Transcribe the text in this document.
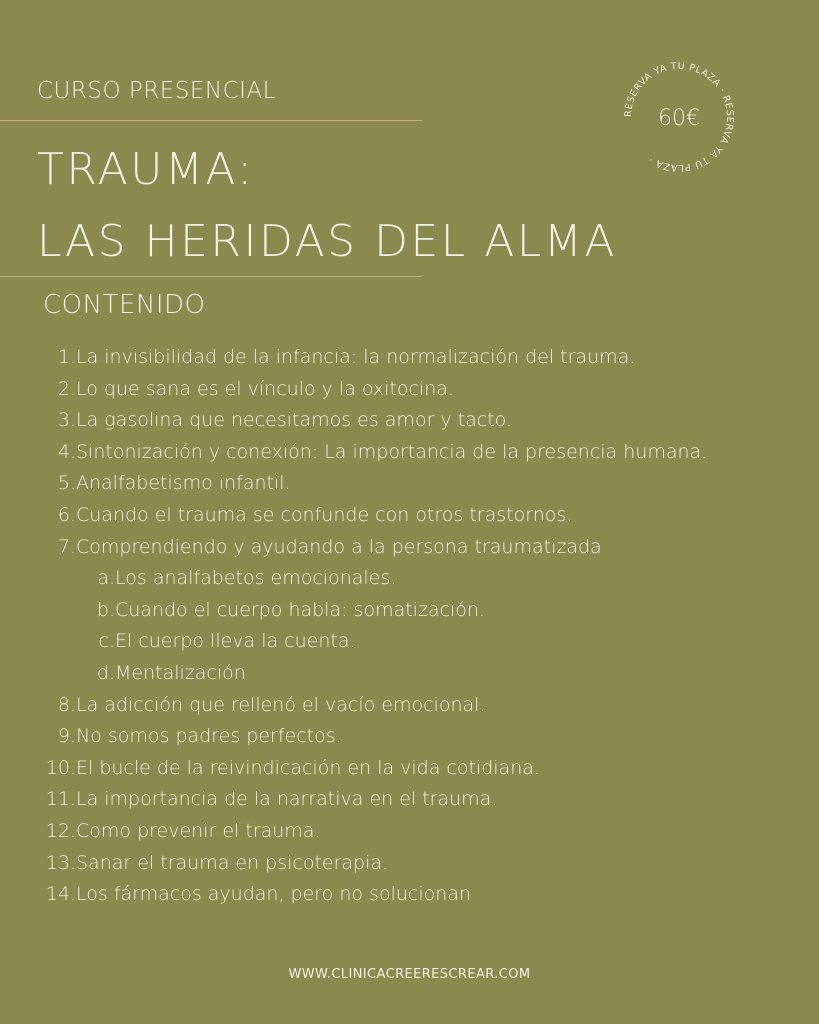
CURSO PRESENCIAL
TRAUMA:
LAS HERIDAS DEL ALMA
RESERVA YA TU PLAZA · RESERVA YA TU PLAZA ·
60€
CONTENIDO
1. La invisibilidad de la infancia: la normalización del trauma.
2. Lo que sana es el vínculo y la oxitocina.
3. La gasolina que necesitamos es amor y tacto.
4. Sintonización y conexión: La importancia de la presencia humana.
5. Analfabetismo infantil.
6. Cuando el trauma se confunde con otros trastornos.
7. Comprendiendo y ayudando a la persona traumatizada
a. Los analfabetos emocionales.
b. Cuando el cuerpo habla: somatización.
c. El cuerpo lleva la cuenta.
d. Mentalización
8. La adicción que rellenó el vacío emocional.
9. No somos padres perfectos.
10. El bucle de la reivindicación en la vida cotidiana.
11. La importancia de la narrativa en el trauma.
12. Como prevenir el trauma.
13. Sanar el trauma en psicoterapia.
14. Los fármacos ayudan, pero no solucionan
WWW.CLINICACREERESCREAR.COM
